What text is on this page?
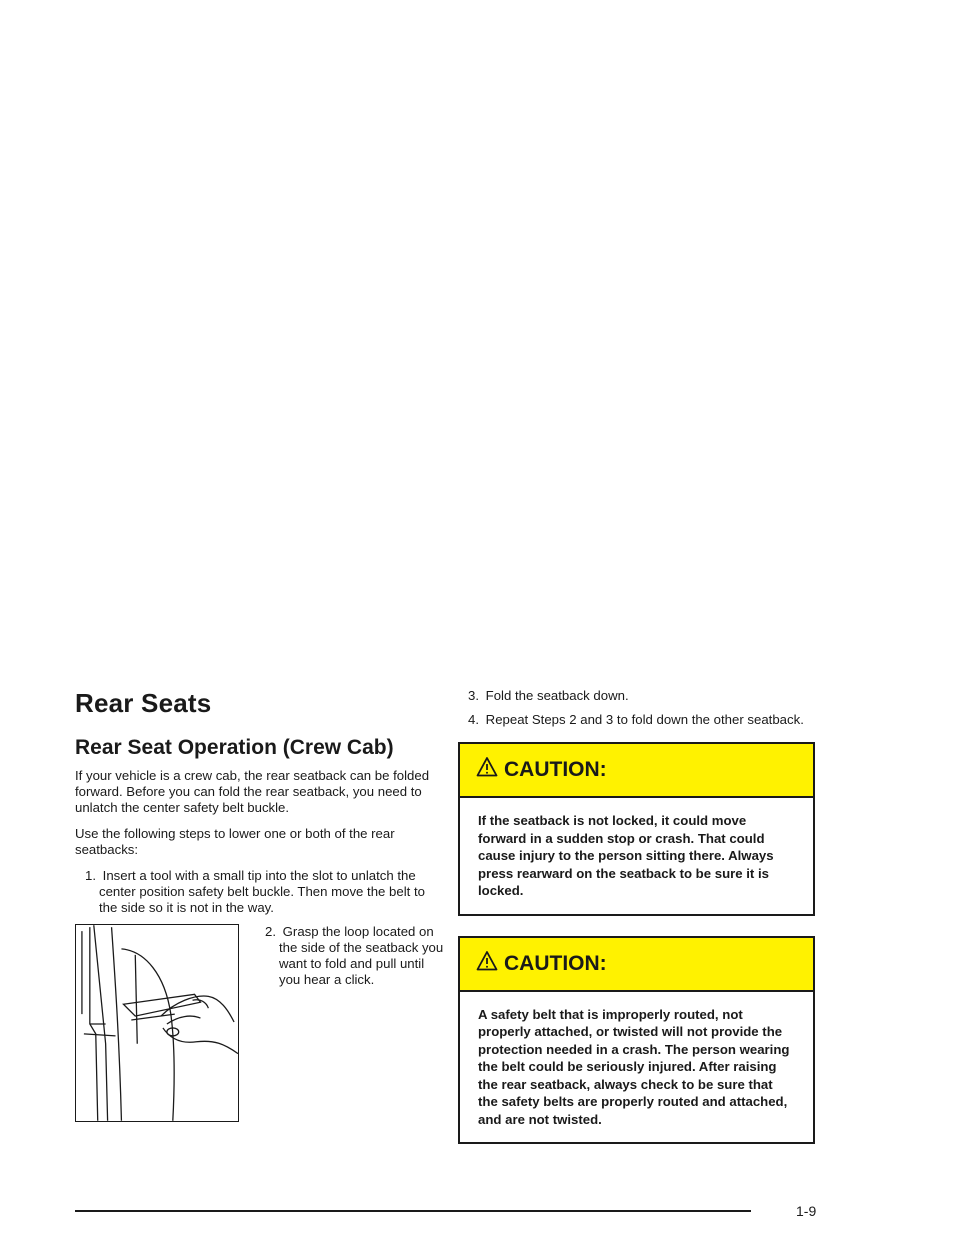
Rear Seats
Rear Seat Operation (Crew Cab)

If your vehicle is a crew cab, the rear seatback can be folded forward. Before you can fold the rear seatback, you need to unlatch the center safety belt buckle.

Use the following steps to lower one or both of the rear seatbacks:

1. Insert a tool with a small tip into the slot to unlatch the center position safety belt buckle. Then move the belt to the side so it is not in the way.
2. Grasp the loop located on the side of the seatback you want to fold and pull until you hear a click.
3. Fold the seatback down.
4. Repeat Steps 2 and 3 to fold down the other seatback.
CAUTION:
If the seatback is not locked, it could move forward in a sudden stop or crash. That could cause injury to the person sitting there. Always press rearward on the seatback to be sure it is locked.
CAUTION:
A safety belt that is improperly routed, not properly attached, or twisted will not provide the protection needed in a crash. The person wearing the belt could be seriously injured. After raising the rear seatback, always check to be sure that the safety belts are properly routed and attached, and are not twisted.
1-9
